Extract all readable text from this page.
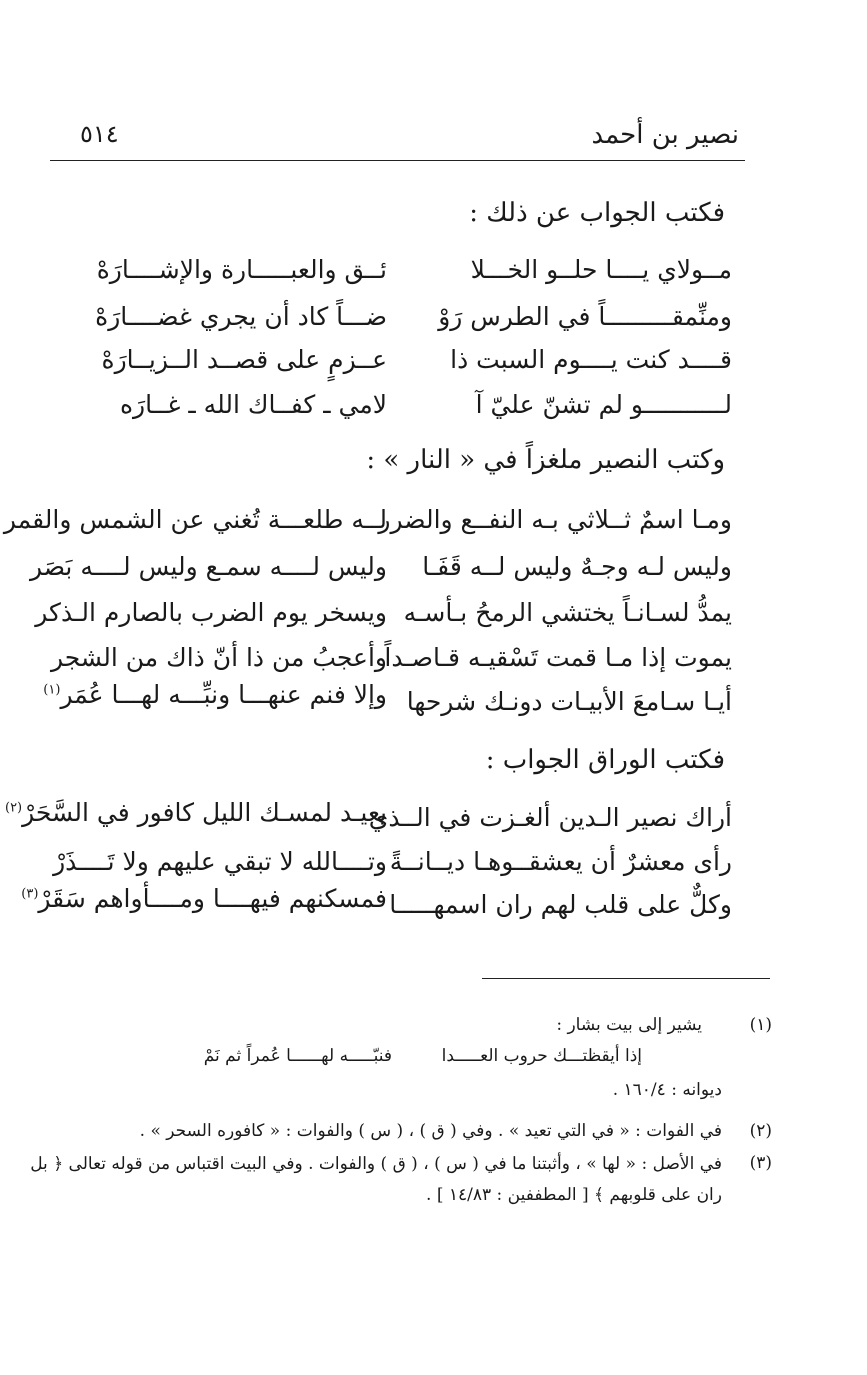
نصير بن أحمد
٥١٤
فكتب الجواب عن ذلك :
مــولاي يــــا حلــو الخـــلا
ئــق والعبـــــارة والإشــــارَهْ
ومنِّمقـــــــــاً في الطرس رَوْ
ضـــاً كاد أن يجري غضــــارَهْ
قــــد كنت يــــوم السبت ذا
عــزمٍ على قصــد الــزيــارَهْ
لـــــــــــو لم تشنّ عليّ آ
لامي ـ كفــاك الله ـ غــارَه
وكتب النصير ملغزاً في « النار » :
ومـا اسمٌ ثــلاثي بـه النفــع والضرر
لــه طلعـــة تُغني عن الشمس والقمر
وليس لـه وجـهٌ وليس لــه قَفَـا
وليس لــــه سمـع وليس لــــه بَصَر
يمدُّ لسـانـاً يختشي الرمحُ بـأسـه
ويسخر يوم الضرب بالصارم الـذكر
يموت إذا مـا قمت تَسْقيـه قـاصـداً
وأعجبُ من ذا أنّ ذاك من الشجر
أيـا سـامعَ الأبيـات دونـك شرحها
وإلا فنم عنهـــا ونبِّـــه لهـــا عُمَر$^{(١)}$
فكتب الوراق الجواب :
أراك نصير الـدين ألغـزت في الــذي
يعيـد لمسـك الليل كافور في السَّحَرْ$^{(٢)}$
رأى معشرٌ أن يعشقــوهـا ديــانــةً
وتــــالله لا تبقي عليهم ولا تَــــذَرْ
وكلٌّ على قلب لهم ران اسمهـــــا
فمسكنهم فيهــــا ومــــأواهم سَقَرْ$^{(٣)}$
(١)
يشير إلى بيت بشار :
إذا أيقظتـــك حروب العـــــدا
فنبّـــــه لهــــــا عُمراً ثم نَمْ
ديوانه : ١٦٠/٤ .
(٢)
في الفوات : « في التي تعيد » . وفي ( ق ) ، ( س ) والفوات : « كافوره السحر » .
(٣)
في الأصل : « لها » ، وأثبتنا ما في ( س ) ، ( ق ) والفوات . وفي البيت اقتباس من قوله تعالى ﴿ بل
ران على قلوبهم ﴾ [ المطففين : ١٤/٨٣ ] .
